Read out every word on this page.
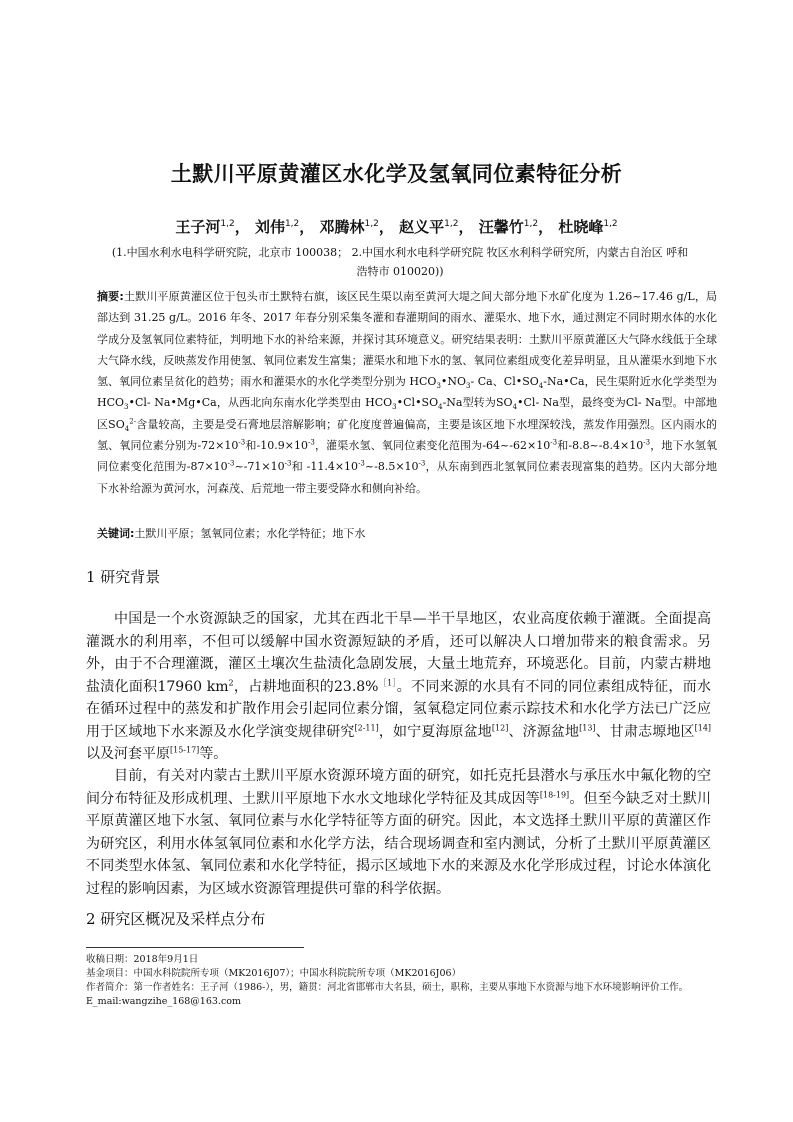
土默川平原黄灌区水化学及氢氧同位素特征分析
王子河$^{1,2}$， 刘伟$^{1,2}$， 邓腾林$^{1,2}$， 赵义平$^{1,2}$， 汪馨竹$^{1,2}$， 杜晓峰$^{1,2}$
(1.中国水利水电科学研究院，北京市 100038； 2.中国水利水电科学研究院 牧区水利科学研究所，内蒙古自治区 呼和
浩特市 010020))
摘要:土默川平原黄灌区位于包头市土默特右旗，该区民生渠以南至黄河大堤之间大部分地下水矿化度为 1.26~17.46 g/L，局部达到 31.25 g/L。2016 年冬、2017 年春分别采集冬灌和春灌期间的雨水、灌渠水、地下水，通过测定不同时期水体的水化学成分及氢氧同位素特征，判明地下水的补给来源，并探讨其环境意义。研究结果表明：土默川平原黄灌区大气降水线低于全球大气降水线，反映蒸发作用使氢、氧同位素发生富集；灌渠水和地下水的氢、氧同位素组成变化差异明显，且从灌渠水到地下水氢、氧同位素呈贫化的趋势；雨水和灌渠水的水化学类型分别为 $HCO_3•NO_3-$ Ca、$Cl•SO_4-Na•Ca$，民生渠附近水化学类型为$HCO_3•Cl-$ Na•Mg•Ca，从西北向东南水化学类型由 $HCO_3•Cl•SO_4-Na$型转为$SO_4•Cl-$ Na型，最终变为Cl- Na型。中部地区$SO_4^{2-}$含量较高，主要是受石膏地层溶解影响；矿化度度普遍偏高，主要是该区地下水埋深较浅，蒸发作用强烈。区内雨水的氢、氧同位素分别为$-72\times 10^{-3}$和$-10.9\times 10^{-3}$，灌渠水氢、氧同位素变化范围为$-64\sim-62\times 10^{-3}$和$-8.8\sim-8.4\times 10^{-3}$，地下水氢氧同位素变化范围为$-87\times 10^{-3}\sim-71\times 10^{-3}$和 $-11.4\times 10^{-3}\sim-8.5\times 10^{-3}$，从东南到西北氢氧同位素表现富集的趋势。区内大部分地下水补给源为黄河水，河森茂、后荒地一带主要受降水和侧向补给。
关键词:土默川平原；氢氧同位素；水化学特征；地下水
1 研究背景

中国是一个水资源缺乏的国家，尤其在西北干旱—半干旱地区，农业高度依赖于灌溉。全面提高灌溉水的利用率，不但可以缓解中国水资源短缺的矛盾，还可以解决人口增加带来的粮食需求。另外，由于不合理灌溉，灌区土壤次生盐渍化急剧发展，大量土地荒弃，环境恶化。目前，内蒙古耕地盐渍化面积17960 $km^2$，占耕地面积的23.8%$^{[1]}$。不同来源的水具有不同的同位素组成特征，而水在循环过程中的蒸发和扩散作用会引起同位素分馏，氢氧稳定同位素示踪技术和水化学方法已广泛应用于区域地下水来源及水化学演变规律研究[2-11]，如宁夏海原盆地[12]、济源盆地[13]、甘肃志塬地区[14]以及河套平原[15-17]等。

目前，有关对内蒙古土默川平原水资源环境方面的研究，如托克托县潜水与承压水中氟化物的空间分布特征及形成机理、土默川平原地下水水文地球化学特征及其成因等[18-19]。但至今缺乏对土默川平原黄灌区地下水氢、氧同位素与水化学特征等方面的研究。因此，本文选择土默川平原的黄灌区作为研究区，利用水体氢氧同位素和水化学方法，结合现场调查和室内测试，分析了土默川平原黄灌区不同类型水体氢、氧同位素和水化学特征，揭示区域地下水的来源及水化学形成过程，讨论水体演化过程的影响因素，为区域水资源管理提供可靠的科学依据。

2 研究区概况及采样点分布
收稿日期：2018年9月1日
基金项目：中国水科院院所专项（MK2016J07）；中国水科院院所专项（MK2016J06）
作者简介：第一作者姓名：王子河（1986-），男，籍贯：河北省邯郸市大名县，硕士，职称，主要从事地下水资源与地下水环境影响评价工作。E_mail:wangzihe_168@163.com
